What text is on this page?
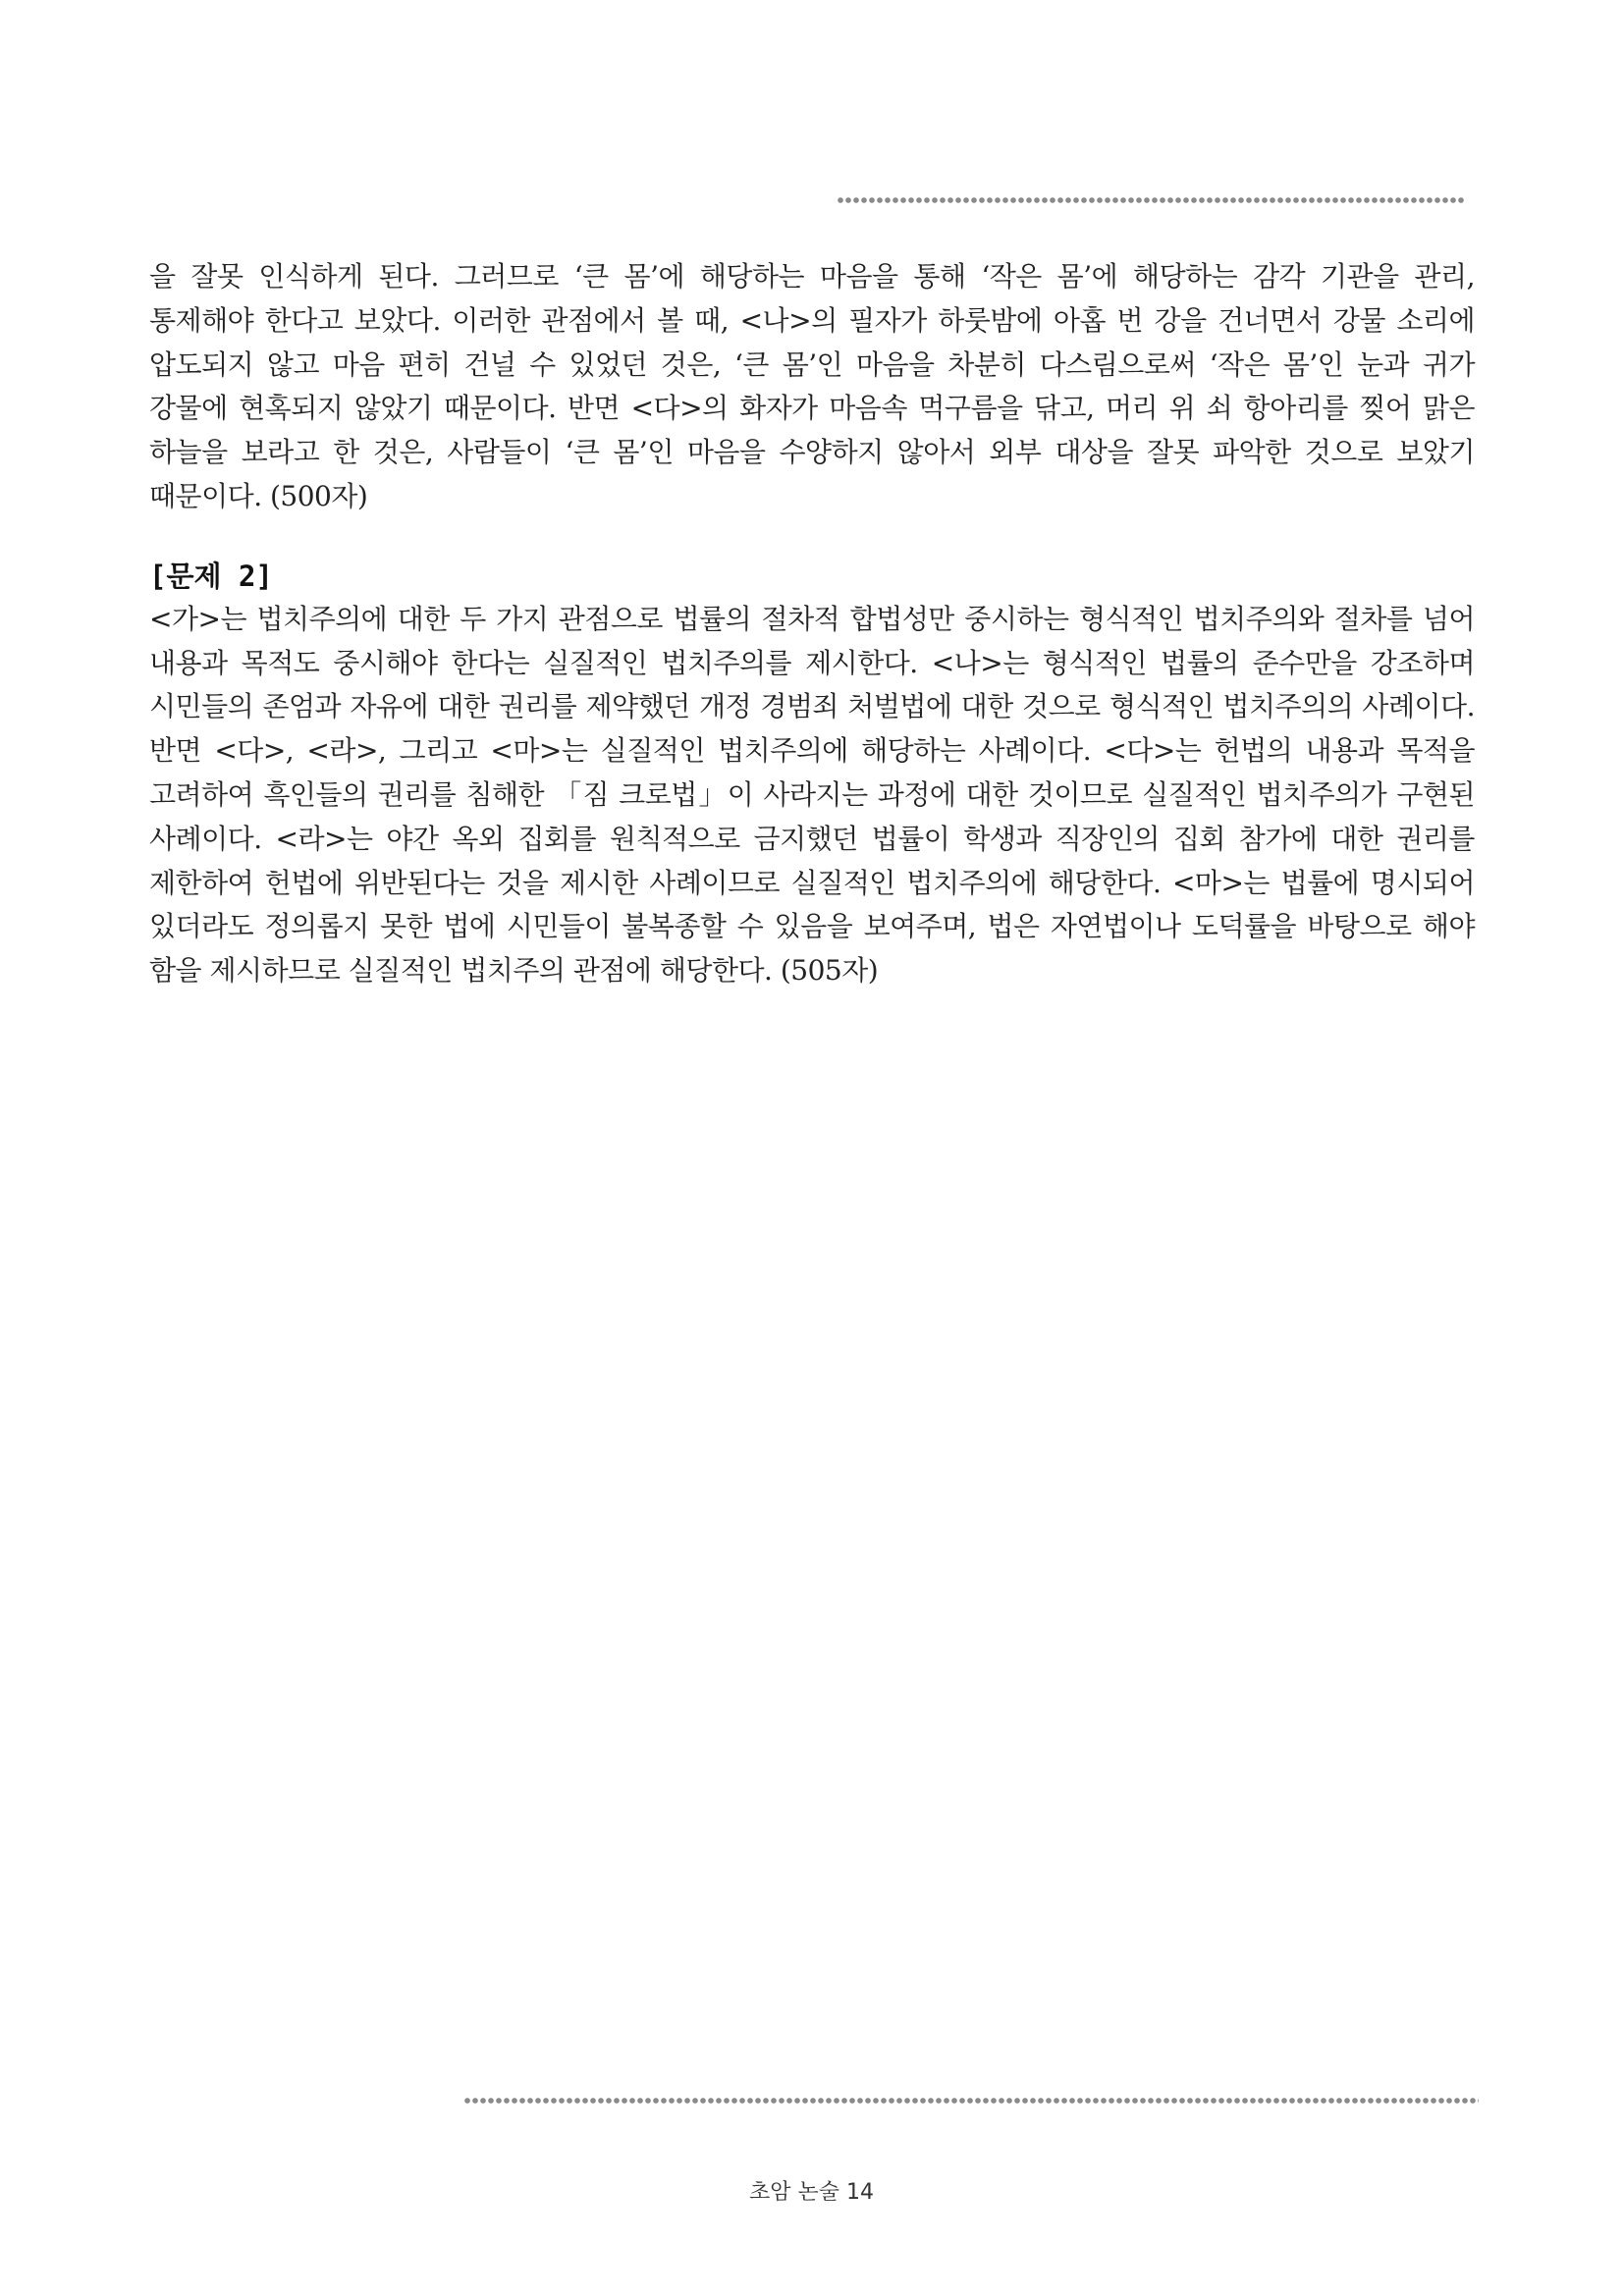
을 잘못 인식하게 된다. 그러므로 ‘큰 몸’에 해당하는 마음을 통해 ‘작은 몸’에 해당하는 감각 기관을 관리, 통제해야 한다고 보았다. 이러한 관점에서 볼 때, <나>의 필자가 하룻밤에 아홉 번 강을 건너면서 강물 소리에 압도되지 않고 마음 편히 건널 수 있었던 것은, ‘큰 몸’인 마음을 차분히 다스림으로써 ‘작은 몸’인 눈과 귀가 강물에 현혹되지 않았기 때문이다. 반면 <다>의 화자가 마음속 먹구름을 닦고, 머리 위 쇠 항아리를 찢어 맑은 하늘을 보라고 한 것은, 사람들이 ‘큰 몸’인 마음을 수양하지 않아서 외부 대상을 잘못 파악한 것으로 보았기 때문이다. (500자)

[문제 2]

<가>는 법치주의에 대한 두 가지 관점으로 법률의 절차적 합법성만 중시하는 형식적인 법치주의와 절차를 넘어 내용과 목적도 중시해야 한다는 실질적인 법치주의를 제시한다. <나>는 형식적인 법률의 준수만을 강조하며 시민들의 존엄과 자유에 대한 권리를 제약했던 개정 경범죄 처벌법에 대한 것으로 형식적인 법치주의의 사례이다. 반면 <다>, <라>, 그리고 <마>는 실질적인 법치주의에 해당하는 사례이다. <다>는 헌법의 내용과 목적을 고려하여 흑인들의 권리를 침해한 「짐 크로법」이 사라지는 과정에 대한 것이므로 실질적인 법치주의가 구현된 사례이다. <라>는 야간 옥외 집회를 원칙적으로 금지했던 법률이 학생과 직장인의 집회 참가에 대한 권리를 제한하여 헌법에 위반된다는 것을 제시한 사례이므로 실질적인 법치주의에 해당한다. <마>는 법률에 명시되어 있더라도 정의롭지 못한 법에 시민들이 불복종할 수 있음을 보여주며, 법은 자연법이나 도덕률을 바탕으로 해야 함을 제시하므로 실질적인 법치주의 관점에 해당한다. (505자)

초암 논술 14
